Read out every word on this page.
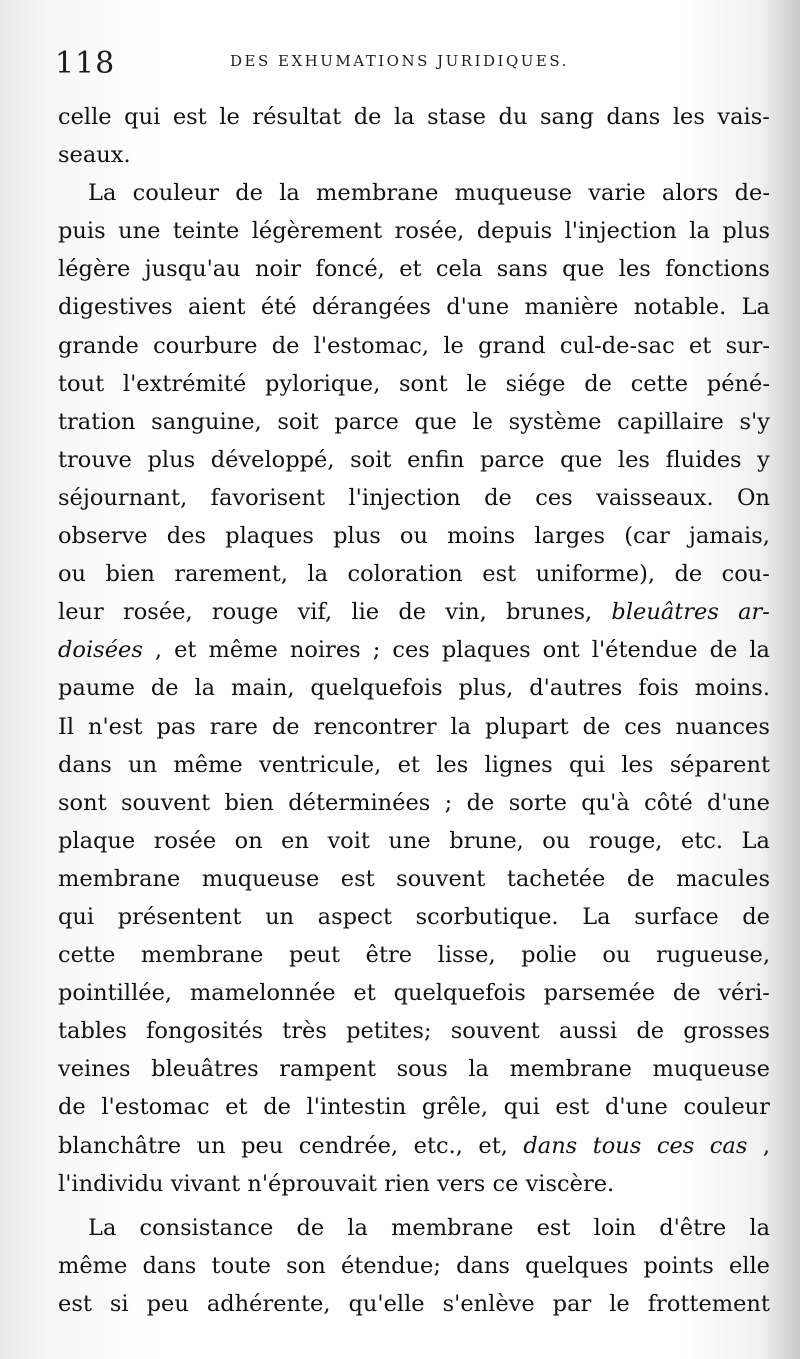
118	DES EXHUMATIONS JURIDIQUES.
celle qui est le résultat de la stase du sang dans les vais-
seaux.
La couleur de la membrane muqueuse varie alors de-
puis une teinte légèrement rosée, depuis l'injection la plus
légère jusqu'au noir foncé, et cela sans que les fonctions
digestives aient été dérangées d'une manière notable. La
grande courbure de l'estomac, le grand cul-de-sac et sur-
tout l'extrémité pylorique, sont le siége de cette péné-
tration sanguine, soit parce que le système capillaire s'y
trouve plus développé, soit enfin parce que les fluides y
séjournant, favorisent l'injection de ces vaisseaux. On
observe des plaques plus ou moins larges (car jamais,
ou bien rarement, la coloration est uniforme), de cou-
leur rosée, rouge vif, lie de vin, brunes, bleuâtres ar-
doisées , et même noires ; ces plaques ont l'étendue de la
paume de la main, quelquefois plus, d'autres fois moins.
Il n'est pas rare de rencontrer la plupart de ces nuances
dans un même ventricule, et les lignes qui les séparent
sont souvent bien déterminées ; de sorte qu'à côté d'une
plaque rosée on en voit une brune, ou rouge, etc. La
membrane muqueuse est souvent tachetée de macules
qui présentent un aspect scorbutique. La surface de
cette membrane peut être lisse, polie ou rugueuse,
pointillée, mamelonnée et quelquefois parsemée de véri-
tables fongosités très petites; souvent aussi de grosses
veines bleuâtres rampent sous la membrane muqueuse
de l'estomac et de l'intestin grêle, qui est d'une couleur
blanchâtre un peu cendrée, etc., et, dans tous ces cas ,
l'individu
vivant
n'éprouvait
rien
vers
ce
viscère.
La consistance de la membrane est loin d'être la
même dans toute son étendue; dans quelques points elle
est si peu adhérente, qu'elle s'enlève par le frottement
